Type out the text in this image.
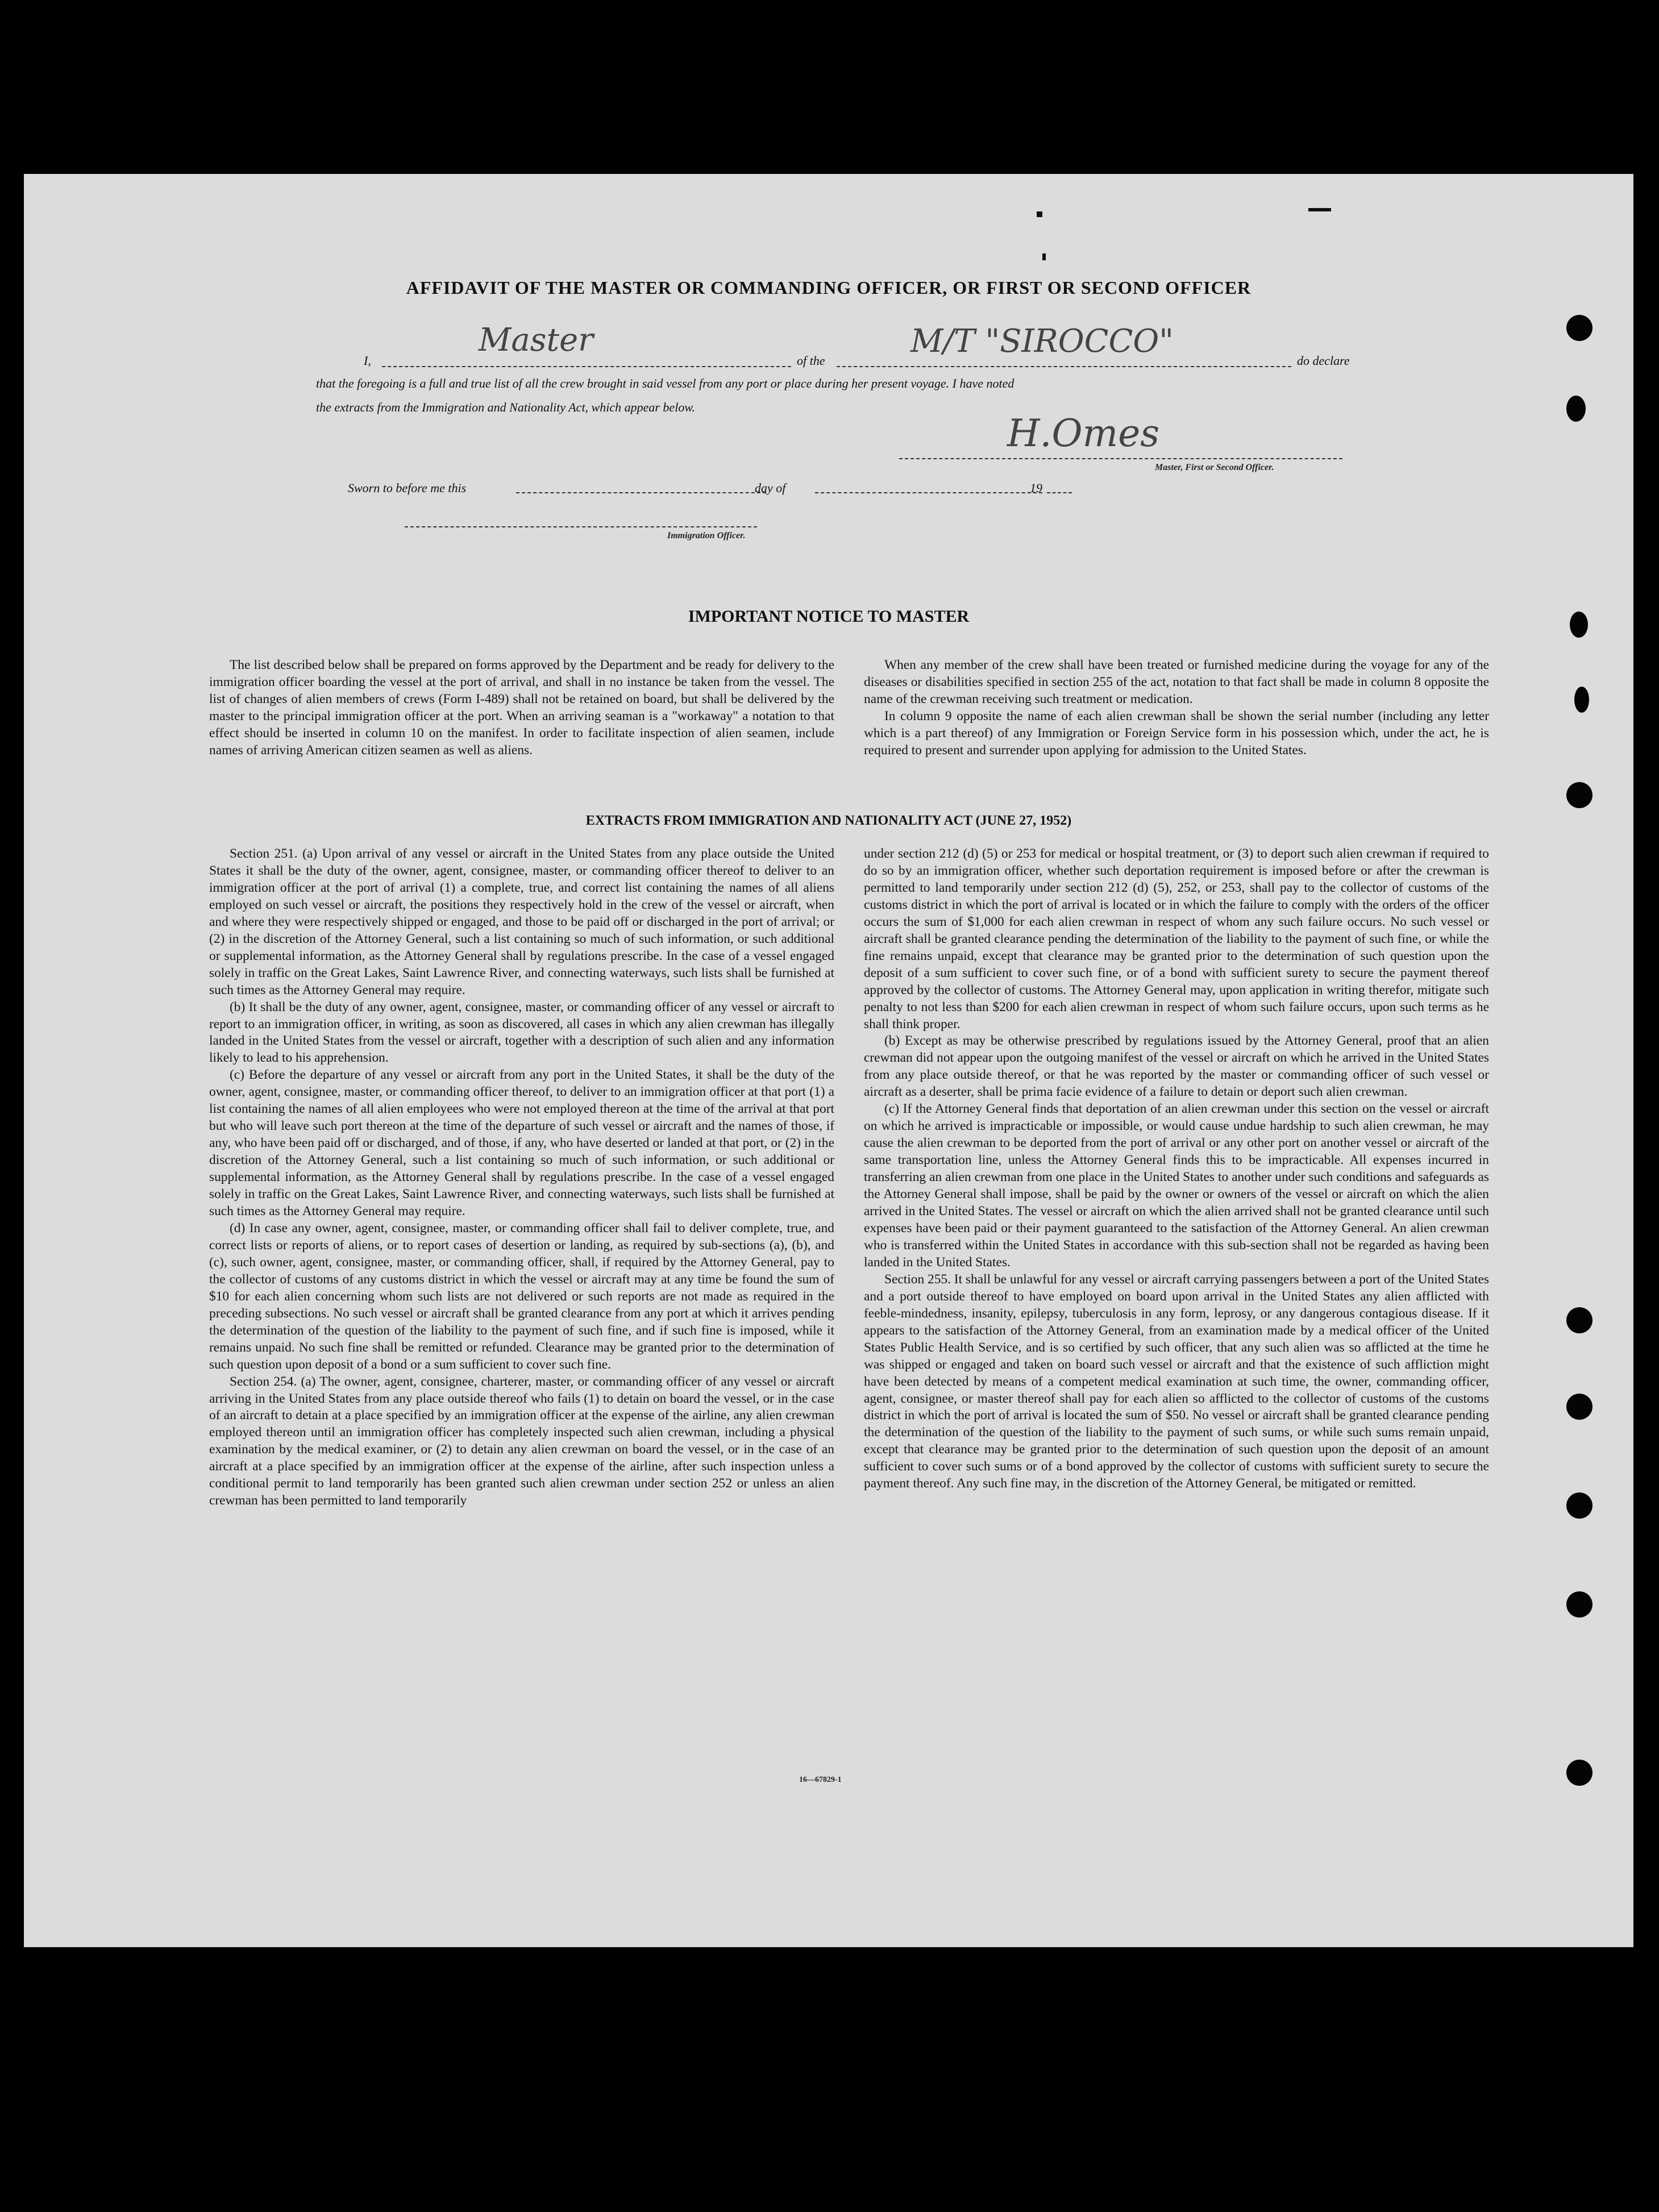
AFFIDAVIT OF THE MASTER OR COMMANDING OFFICER, OR FIRST OR SECOND OFFICER
I,
Master
of the
M/T "SIROCCO"
do declare
that the foregoing is a full and true list of all the crew brought in said vessel from any port or place during her present voyage. I have noted
the extracts from the Immigration and Nationality Act, which appear below.
H.Omes
Master, First or Second Officer.
Sworn to before me this	day of	19
Immigration Officer.
IMPORTANT NOTICE TO MASTER

The list described below shall be prepared on forms approved by the Department and be ready for delivery to the immigration officer boarding the vessel at the port of arrival, and shall in no instance be taken from the vessel. The list of changes of alien members of crews (Form I-489) shall not be retained on board, but shall be delivered by the master to the principal immigration officer at the port. When an arriving seaman is a "workaway" a notation to that effect should be inserted in column 10 on the manifest. In order to facilitate inspection of alien seamen, include names of arriving American citizen seamen as well as aliens.

When any member of the crew shall have been treated or furnished medicine during the voyage for any of the diseases or disabilities specified in section 255 of the act, notation to that fact shall be made in column 8 opposite the name of the crewman receiving such treatment or medication.

In column 9 opposite the name of each alien crewman shall be shown the serial number (including any letter which is a part thereof) of any Immigration or Foreign Service form in his possession which, under the act, he is required to present and surrender upon applying for admission to the United States.

EXTRACTS FROM IMMIGRATION AND NATIONALITY ACT (JUNE 27, 1952)

Section 251. (a) Upon arrival of any vessel or aircraft in the United States from any place outside the United States it shall be the duty of the owner, agent, consignee, master, or commanding officer thereof to deliver to an immigration officer at the port of arrival (1) a complete, true, and correct list containing the names of all aliens employed on such vessel or aircraft, the positions they respectively hold in the crew of the vessel or aircraft, when and where they were respectively shipped or engaged, and those to be paid off or discharged in the port of arrival; or (2) in the discretion of the Attorney General, such a list containing so much of such information, or such additional or supplemental information, as the Attorney General shall by regulations prescribe. In the case of a vessel engaged solely in traffic on the Great Lakes, Saint Lawrence River, and connecting waterways, such lists shall be furnished at such times as the Attorney General may require.

(b) It shall be the duty of any owner, agent, consignee, master, or commanding officer of any vessel or aircraft to report to an immigration officer, in writing, as soon as discovered, all cases in which any alien crewman has illegally landed in the United States from the vessel or aircraft, together with a description of such alien and any information likely to lead to his apprehension.

(c) Before the departure of any vessel or aircraft from any port in the United States, it shall be the duty of the owner, agent, consignee, master, or commanding officer thereof, to deliver to an immigration officer at that port (1) a list containing the names of all alien employees who were not employed thereon at the time of the arrival at that port but who will leave such port thereon at the time of the departure of such vessel or aircraft and the names of those, if any, who have been paid off or discharged, and of those, if any, who have deserted or landed at that port, or (2) in the discretion of the Attorney General, such a list containing so much of such information, or such additional or supplemental information, as the Attorney General shall by regulations prescribe. In the case of a vessel engaged solely in traffic on the Great Lakes, Saint Lawrence River, and connecting waterways, such lists shall be furnished at such times as the Attorney General may require.

(d) In case any owner, agent, consignee, master, or commanding officer shall fail to deliver complete, true, and correct lists or reports of aliens, or to report cases of desertion or landing, as required by sub-sections (a), (b), and (c), such owner, agent, consignee, master, or commanding officer, shall, if required by the Attorney General, pay to the collector of customs of any customs district in which the vessel or aircraft may at any time be found the sum of $10 for each alien concerning whom such lists are not delivered or such reports are not made as required in the preceding subsections. No such vessel or aircraft shall be granted clearance from any port at which it arrives pending the determination of the question of the liability to the payment of such fine, and if such fine is imposed, while it remains unpaid. No such fine shall be remitted or refunded. Clearance may be granted prior to the determination of such question upon deposit of a bond or a sum sufficient to cover such fine.

Section 254. (a) The owner, agent, consignee, charterer, master, or commanding officer of any vessel or aircraft arriving in the United States from any place outside thereof who fails (1) to detain on board the vessel, or in the case of an aircraft to detain at a place specified by an immigration officer at the expense of the airline, any alien crewman employed thereon until an immigration officer has completely inspected such alien crewman, including a physical examination by the medical examiner, or (2) to detain any alien crewman on board the vessel, or in the case of an aircraft at a place specified by an immigration officer at the expense of the airline, after such inspection unless a conditional permit to land temporarily has been granted such alien crewman under section 252 or unless an alien crewman has been permitted to land temporarily

under section 212 (d) (5) or 253 for medical or hospital treatment, or (3) to deport such alien crewman if required to do so by an immigration officer, whether such deportation requirement is imposed before or after the crewman is permitted to land temporarily under section 212 (d) (5), 252, or 253, shall pay to the collector of customs of the customs district in which the port of arrival is located or in which the failure to comply with the orders of the officer occurs the sum of $1,000 for each alien crewman in respect of whom any such failure occurs. No such vessel or aircraft shall be granted clearance pending the determination of the liability to the payment of such fine, or while the fine remains unpaid, except that clearance may be granted prior to the determination of such question upon the deposit of a sum sufficient to cover such fine, or of a bond with sufficient surety to secure the payment thereof approved by the collector of customs. The Attorney General may, upon application in writing therefor, mitigate such penalty to not less than $200 for each alien crewman in respect of whom such failure occurs, upon such terms as he shall think proper.

(b) Except as may be otherwise prescribed by regulations issued by the Attorney General, proof that an alien crewman did not appear upon the outgoing manifest of the vessel or aircraft on which he arrived in the United States from any place outside thereof, or that he was reported by the master or commanding officer of such vessel or aircraft as a deserter, shall be prima facie evidence of a failure to detain or deport such alien crewman.

(c) If the Attorney General finds that deportation of an alien crewman under this section on the vessel or aircraft on which he arrived is impracticable or impossible, or would cause undue hardship to such alien crewman, he may cause the alien crewman to be deported from the port of arrival or any other port on another vessel or aircraft of the same transportation line, unless the Attorney General finds this to be impracticable. All expenses incurred in transferring an alien crewman from one place in the United States to another under such conditions and safeguards as the Attorney General shall impose, shall be paid by the owner or owners of the vessel or aircraft on which the alien arrived in the United States. The vessel or aircraft on which the alien arrived shall not be granted clearance until such expenses have been paid or their payment guaranteed to the satisfaction of the Attorney General. An alien crewman who is transferred within the United States in accordance with this sub-section shall not be regarded as having been landed in the United States.

Section 255. It shall be unlawful for any vessel or aircraft carrying passengers between a port of the United States and a port outside thereof to have employed on board upon arrival in the United States any alien afflicted with feeble-mindedness, insanity, epilepsy, tuberculosis in any form, leprosy, or any dangerous contagious disease. If it appears to the satisfaction of the Attorney General, from an examination made by a medical officer of the United States Public Health Service, and is so certified by such officer, that any such alien was so afflicted at the time he was shipped or engaged and taken on board such vessel or aircraft and that the existence of such affliction might have been detected by means of a competent medical examination at such time, the owner, commanding officer, agent, consignee, or master thereof shall pay for each alien so afflicted to the collector of customs of the customs district in which the port of arrival is located the sum of $50. No vessel or aircraft shall be granted clearance pending the determination of the question of the liability to the payment of such sums, or while such sums remain unpaid, except that clearance may be granted prior to the determination of such question upon the deposit of an amount sufficient to cover such sums or of a bond approved by the collector of customs with sufficient surety to secure the payment thereof. Any such fine may, in the discretion of the Attorney General, be mitigated or remitted.

16—67829-1
